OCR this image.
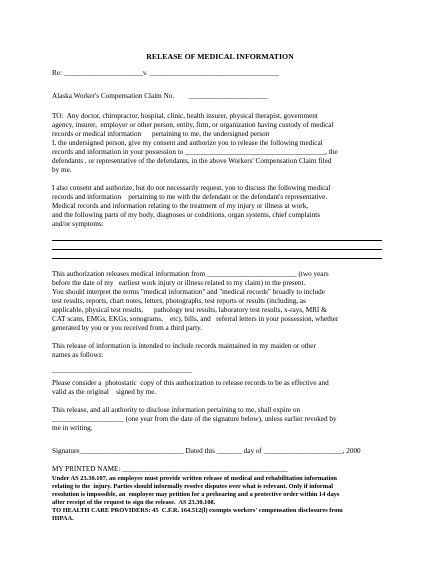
RELEASE OF MEDICAL INFORMATION
Re: ______________________v. ____________________________________
Alaska Worker's Compensation Claim No.        ______________________
TO:  Any doctor, chiropractor, hospital, clinic, health insurer, physical therapist, government
agency, insurer,  employer or other person, entity, firm, or organization having custody of medical
records or medical information      pertaining to me, the undersigned person
I, the undersigned person, give my consent and authorize you to release the following medical
records and information in your possession to _______________________________________, the
defendants , or representative of the defendants, in the above Workers' Compensation Claim filed
by me.
I also consent and authorize, but do not necessarily request, you to discuss the following medical
records and information    pertaining to me with the defendant or the defendant's representative.
Medical records and information relating to the treatment of my injury or illness at work,
and the following parts of my body, diagnoses or conditions, organ systems, chief complaints
and/or symptoms:
This authorization releases medical information from _________________________ (two years
before the date of my   earliest work injury or illness related to my claim) to the present.
You should interpret the terms "medical information" and "medical records" broadly to include
test results, reports, chart notes, letters, photographs, test reports or results (including, as
applicable, physical test results,      pathology test results, laboratory test results, x-rays, MRI &
CAT scans, EMGs, EKGs, sonograms,    etc), bills, and   referral letters in your possession, whether
generated by you or you received from a third party.
This release of information is intended to include records maintained in my maiden or other
names as follows:
_______________________________________
Please consider a  photostatic  copy of this authorization to release records to be as effective and
valid as the original    signed by me.
This release, and all authority to disclose information pertaining to me, shall expire on
____________________ (one year from the date of the signature below), unless earlier revoked by
me in writing.
Signature_____________________________ Dated this _______ day of ______________________, 2000
MY PRINTED NAME: ______________________________________________
Under AS 23.30.107, an employee must provide written release of medical and rehabilitation information
relating to the  injury. Parties should informally resolve disputes over what is relevant. Only if informal
resolution is impossible, an  employee may petition for a prehearing and a protective order within 14 days
after receipt of the request to sign the release.  AS 23.30.108.
TO HEALTH CARE PROVIDERS: 45  C.F.R. 164.512(l) exempts workers' compensation disclosures from
HIPAA.
